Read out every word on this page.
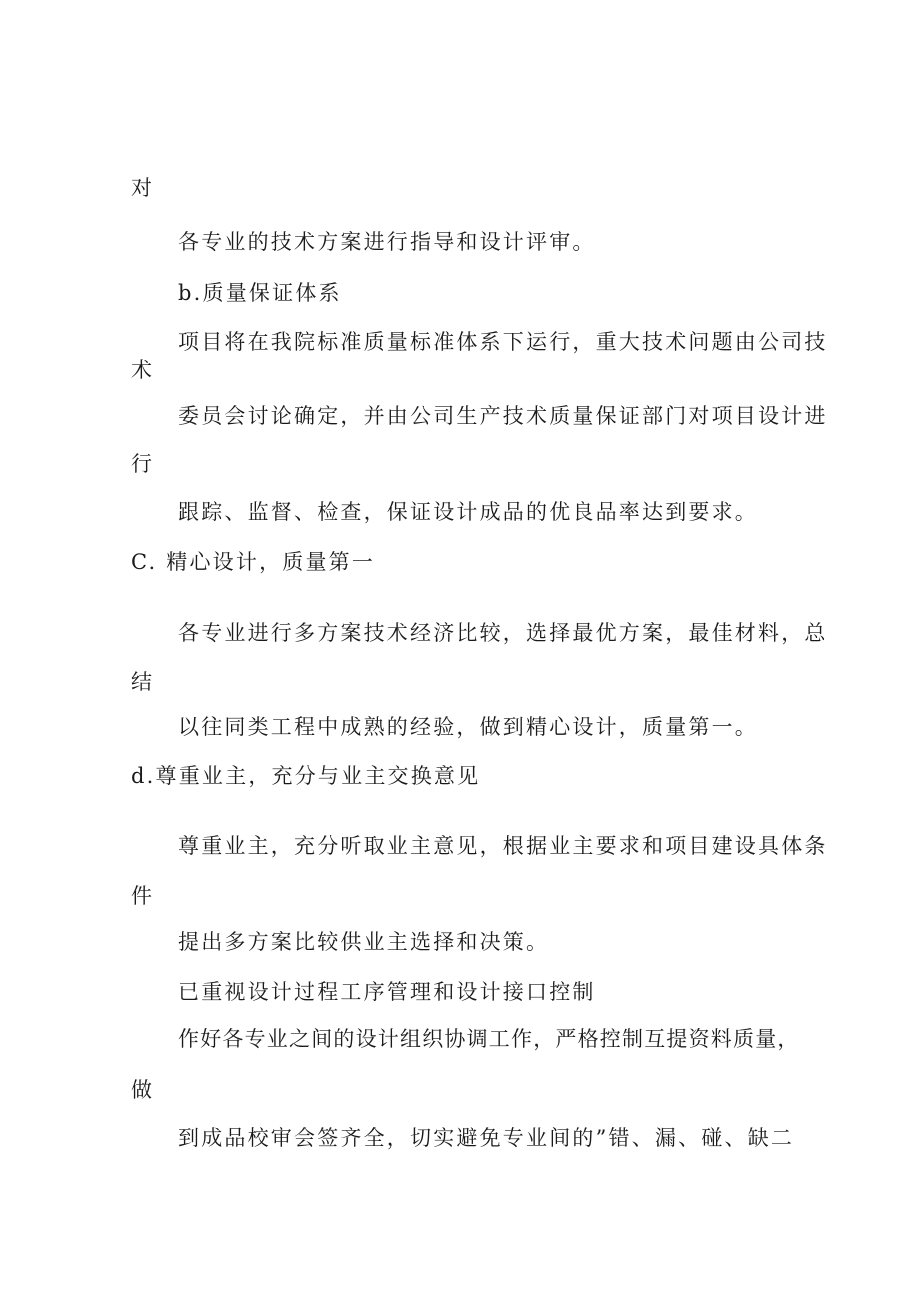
对
各专业的技术方案进行指导和设计评审。
b.质量保证体系
项目将在我院标准质量标准体系下运行，重大技术问题由公司技
术
委员会讨论确定，并由公司生产技术质量保证部门对项目设计进
行
跟踪、监督、检查，保证设计成品的优良品率达到要求。
C. 精心设计，质量第一
各专业进行多方案技术经济比较，选择最优方案，最佳材料，总
结
以往同类工程中成熟的经验，做到精心设计，质量第一。
d.尊重业主，充分与业主交换意见
尊重业主，充分听取业主意见，根据业主要求和项目建设具体条
件
提出多方案比较供业主选择和决策。
已重视设计过程工序管理和设计接口控制
作好各专业之间的设计组织协调工作，严格控制互提资料质量，
做
到成品校审会签齐全，切实避免专业间的”错、漏、碰、缺二
